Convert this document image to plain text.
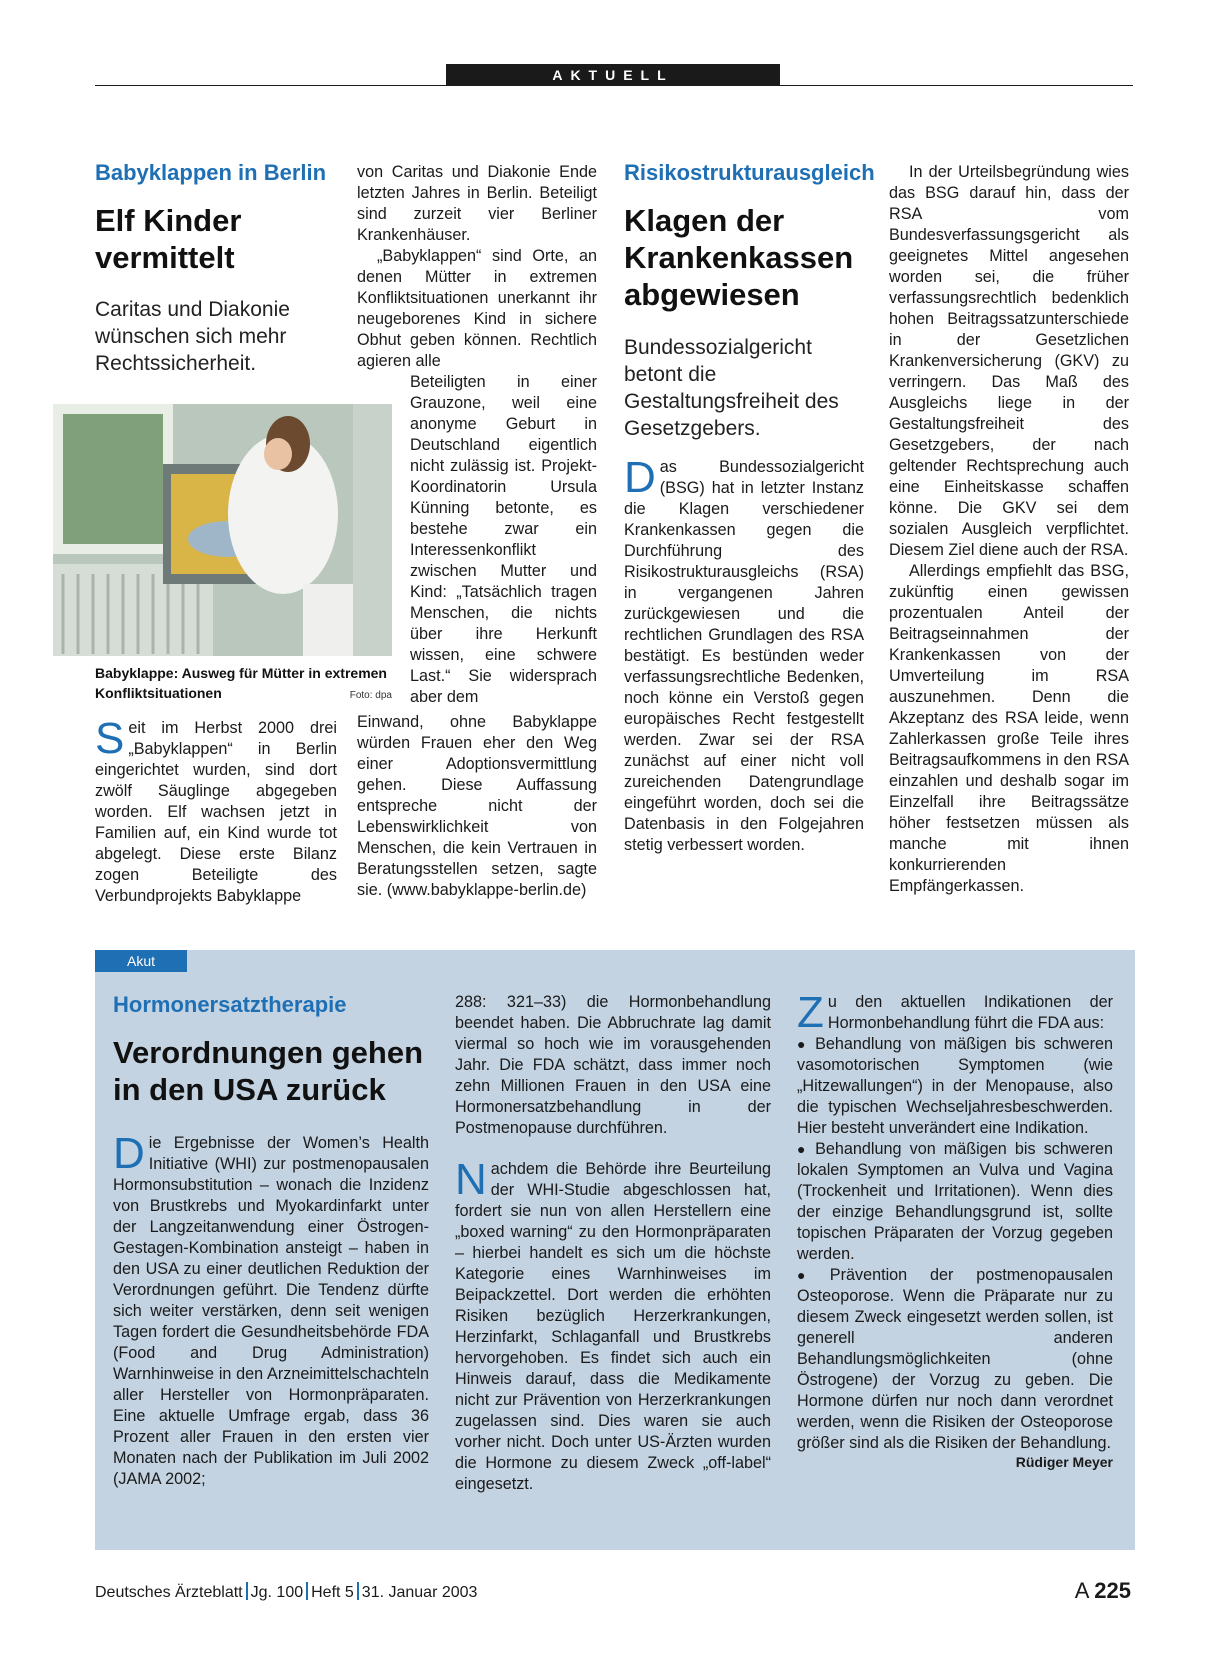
AKTUELL
Babyklappen in Berlin
Elf Kinder vermittelt
Caritas und Diakonie wünschen sich mehr Rechtssicherheit.
Babyklappe: Ausweg für Mütter in extremen Konfliktsituationen	Foto: dpa

Seit im Herbst 2000 drei „Babyklappen“ in Berlin eingerichtet wurden, sind dort zwölf Säuglinge abgegeben worden. Elf wachsen jetzt in Familien auf, ein Kind wurde tot abgelegt. Diese erste Bilanz zogen Beteiligte des Verbundprojekts Babyklappe

von Caritas und Diakonie Ende letzten Jahres in Berlin. Beteiligt sind zurzeit vier Berliner Krankenhäuser.

„Babyklappen“ sind Orte, an denen Mütter in extremen Konfliktsituationen unerkannt ihr neugeborenes Kind in sichere Obhut geben können. Rechtlich agieren alle

Beteiligten in einer Grauzone, weil eine anonyme Geburt in Deutschland eigentlich nicht zulässig ist. Projekt-Koordinatorin Ursula Künning betonte, es bestehe zwar ein Interessenkonflikt zwischen Mutter und Kind: „Tatsächlich tragen Menschen, die nichts über ihre Herkunft wissen, eine schwere Last.“ Sie widersprach aber dem

Einwand, ohne Babyklappe würden Frauen eher den Weg einer Adoptionsvermittlung gehen. Diese Auffassung entspreche nicht der Lebenswirklichkeit von Menschen, die kein Vertrauen in Beratungsstellen setzen, sagte sie. (www.babyklappe-berlin.de)

Risikostrukturausgleich
Klagen der Krankenkassen abgewiesen
Bundessozialgericht betont die Gestaltungsfreiheit des Gesetzgebers.

Das Bundessozialgericht (BSG) hat in letzter Instanz die Klagen verschiedener Krankenkassen gegen die Durchführung des Risikostrukturausgleichs (RSA) in vergangenen Jahren zurückgewiesen und die rechtlichen Grundlagen des RSA bestätigt. Es bestünden weder verfassungsrechtliche Bedenken, noch könne ein Verstoß gegen europäisches Recht festgestellt werden. Zwar sei der RSA zunächst auf einer nicht voll zureichenden Datengrundlage eingeführt worden, doch sei die Datenbasis in den Folgejahren stetig verbessert worden.

In der Urteilsbegründung wies das BSG darauf hin, dass der RSA vom Bundesverfassungsgericht als geeignetes Mittel angesehen worden sei, die früher verfassungsrechtlich bedenklich hohen Beitragssatzunterschiede in der Gesetzlichen Krankenversicherung (GKV) zu verringern. Das Maß des Ausgleichs liege in der Gestaltungsfreiheit des Gesetzgebers, der nach geltender Rechtsprechung auch eine Einheitskasse schaffen könne. Die GKV sei dem sozialen Ausgleich verpflichtet. Diesem Ziel diene auch der RSA.

Allerdings empfiehlt das BSG, zukünftig einen gewissen prozentualen Anteil der Beitragseinnahmen der Krankenkassen von der Umverteilung im RSA auszunehmen. Denn die Akzeptanz des RSA leide, wenn Zahlerkassen große Teile ihres Beitragsaufkommens in den RSA einzahlen und deshalb sogar im Einzelfall ihre Beitragssätze höher festsetzen müssen als manche mit ihnen konkurrierenden Empfängerkassen.

Akut
Hormonersatztherapie
Verordnungen gehen in den USA zurück

Die Ergebnisse der Women’s Health Initiative (WHI) zur postmenopausalen Hormonsubstitution – wonach die Inzidenz von Brustkrebs und Myokardinfarkt unter der Langzeitanwendung einer Östrogen-Gestagen-Kombination ansteigt – haben in den USA zu einer deutlichen Reduktion der Verordnungen geführt. Die Tendenz dürfte sich weiter verstärken, denn seit wenigen Tagen fordert die Gesundheitsbehörde FDA (Food and Drug Administration) Warnhinweise in den Arzneimittelschachteln aller Hersteller von Hormonpräparaten. Eine aktuelle Umfrage ergab, dass 36 Prozent aller Frauen in den ersten vier Monaten nach der Publikation im Juli 2002 (JAMA 2002;

288: 321–33) die Hormonbehandlung beendet haben. Die Abbruchrate lag damit viermal so hoch wie im vorausgehenden Jahr. Die FDA schätzt, dass immer noch zehn Millionen Frauen in den USA eine Hormonersatzbehandlung in der Postmenopause durchführen.

Nachdem die Behörde ihre Beurteilung der WHI-Studie abgeschlossen hat, fordert sie nun von allen Herstellern eine „boxed warning“ zu den Hormonpräparaten – hierbei handelt es sich um die höchste Kategorie eines Warnhinweises im Beipackzettel. Dort werden die erhöhten Risiken bezüglich Herzerkrankungen, Herzinfarkt, Schlaganfall und Brustkrebs hervorgehoben. Es findet sich auch ein Hinweis darauf, dass die Medikamente nicht zur Prävention von Herzerkrankungen zugelassen sind. Dies waren sie auch vorher nicht. Doch unter US-Ärzten wurden die Hormone zu diesem Zweck „off-label“ eingesetzt.

Zu den aktuellen Indikationen der Hormonbehandlung führt die FDA aus:

● Behandlung von mäßigen bis schweren vasomotorischen Symptomen (wie „Hitzewallungen“) in der Menopause, also die typischen Wechseljahresbeschwerden. Hier besteht unverändert eine Indikation.

● Behandlung von mäßigen bis schweren lokalen Symptomen an Vulva und Vagina (Trockenheit und Irritationen). Wenn dies der einzige Behandlungsgrund ist, sollte topischen Präparaten der Vorzug gegeben werden.

● Prävention der postmenopausalen Osteoporose. Wenn die Präparate nur zu diesem Zweck eingesetzt werden sollen, ist generell anderen Behandlungsmöglichkeiten (ohne Östrogene) der Vorzug zu geben. Die Hormone dürfen nur noch dann verordnet werden, wenn die Risiken der Osteoporose größer sind als die Risiken der Behandlung.

Rüdiger Meyer

Deutsches Ärzteblatt Jg. 100 Heft 5 31. Januar 2003	A 225
